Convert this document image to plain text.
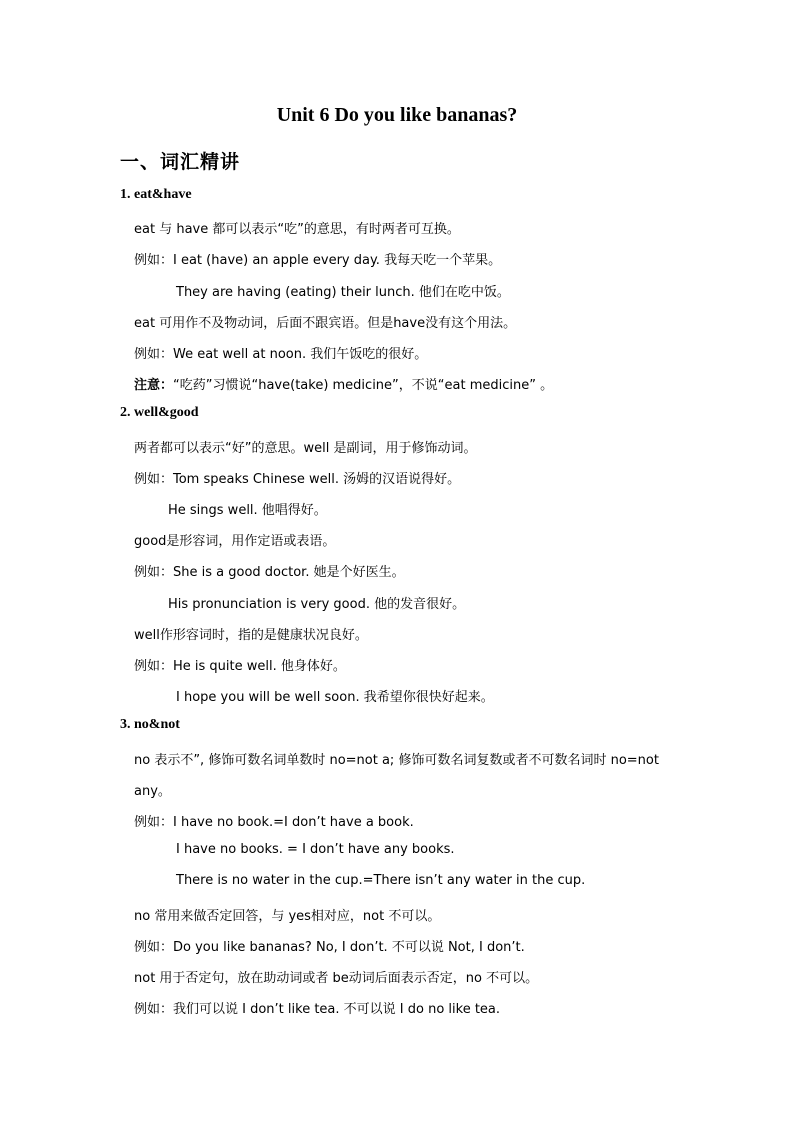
Unit 6 Do you like bananas?
一、词汇精讲
1. eat&have
eat 与 have 都可以表示“吃”的意思，有时两者可互换。
例如：I eat (have) an apple every day. 我每天吃一个苹果。
They are having (eating) their lunch. 他们在吃中饭。
eat 可用作不及物动词，后面不跟宾语。但是have没有这个用法。
例如：We eat well at noon. 我们午饭吃的很好。
注意：“吃药”习惯说“have(take) medicine”，不说“eat medicine” 。
2. well&good
两者都可以表示“好”的意思。well 是副词，用于修饰动词。
例如：Tom speaks Chinese well. 汤姆的汉语说得好。
He sings well. 他唱得好。
good是形容词，用作定语或表语。
例如：She is a good doctor. 她是个好医生。
His pronunciation is very good. 他的发音很好。
well作形容词时，指的是健康状况良好。
例如：He is quite well. 他身体好。
I hope you will be well soon. 我希望你很快好起来。
3. no&not
no 表示不”, 修饰可数名词单数时 no=not a; 修饰可数名词复数或者不可数名词时 no=not
any。
例如：I have no book.=I don’t have a book.
I have no books. = I don’t have any books.
There is no water in the cup.=There isn’t any water in the cup.
no 常用来做否定回答，与 yes相对应，not 不可以。
例如：Do you like bananas? No, I don’t. 不可以说 Not, I don’t.
not 用于否定句，放在助动词或者 be动词后面表示否定，no 不可以。
例如：我们可以说 I don’t like tea. 不可以说 I do no like tea.
